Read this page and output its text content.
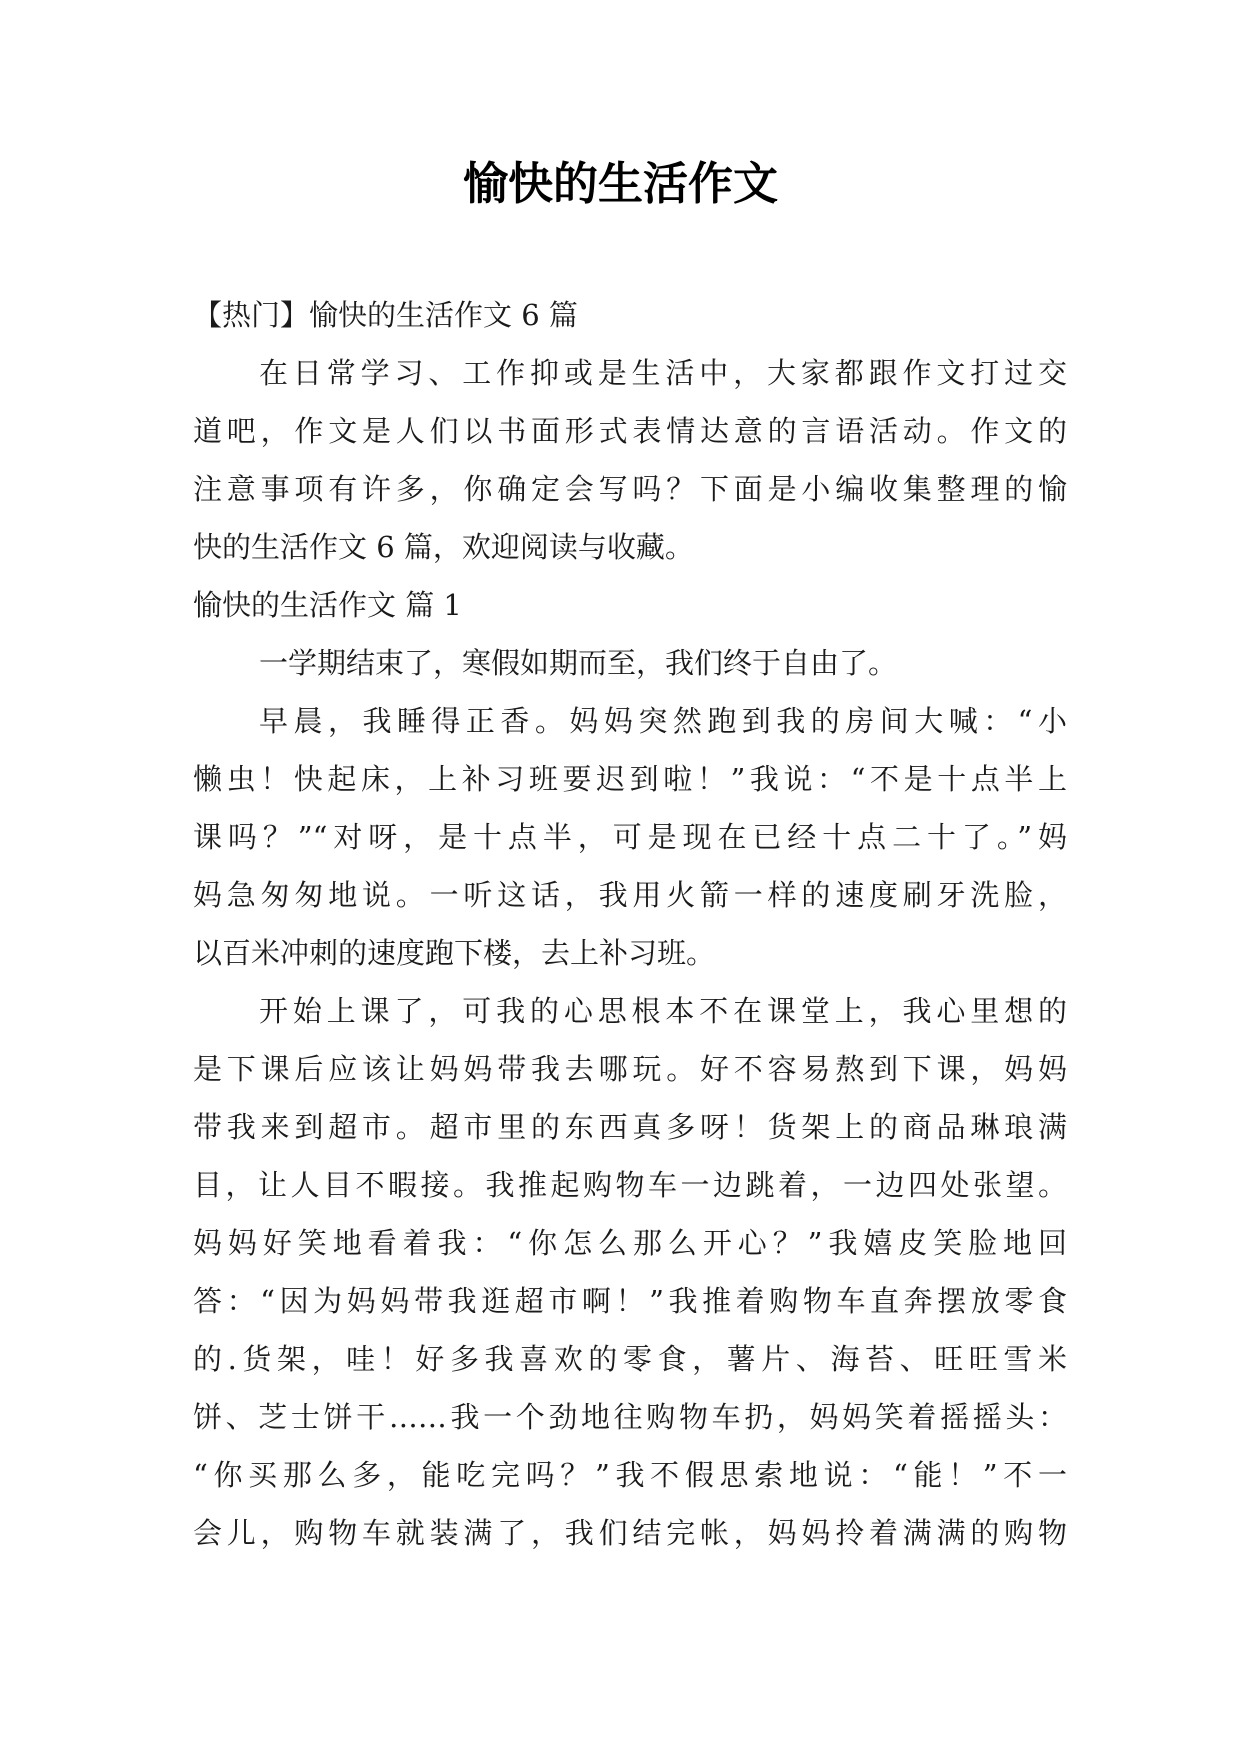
愉快的生活作文
【热门】愉快的生活作文 6 篇
在日常学习、工作抑或是生活中，大家都跟作文打过交
道吧，作文是人们以书面形式表情达意的言语活动。作文的
注意事项有许多，你确定会写吗？下面是小编收集整理的愉
快的生活作文 6 篇，欢迎阅读与收藏。
愉快的生活作文 篇 1
一学期结束了，寒假如期而至，我们终于自由了。
早晨，我睡得正香。妈妈突然跑到我的房间大喊：“小
懒虫！快起床，上补习班要迟到啦！”我说：“不是十点半上
课吗？”“对呀，是十点半，可是现在已经十点二十了。”妈
妈急匆匆地说。一听这话，我用火箭一样的速度刷牙洗脸，
以百米冲刺的速度跑下楼，去上补习班。
开始上课了，可我的心思根本不在课堂上，我心里想的
是下课后应该让妈妈带我去哪玩。好不容易熬到下课，妈妈
带我来到超市。超市里的东西真多呀！货架上的商品琳琅满
目，让人目不暇接。我推起购物车一边跳着，一边四处张望。
妈妈好笑地看着我：“你怎么那么开心？”我嬉皮笑脸地回
答：“因为妈妈带我逛超市啊！”我推着购物车直奔摆放零食
的.货架，哇！好多我喜欢的零食，薯片、海苔、旺旺雪米
饼、芝士饼干……我一个劲地往购物车扔，妈妈笑着摇摇头：
“你买那么多，能吃完吗？”我不假思索地说：“能！”不一
会儿，购物车就装满了，我们结完帐，妈妈拎着满满的购物
